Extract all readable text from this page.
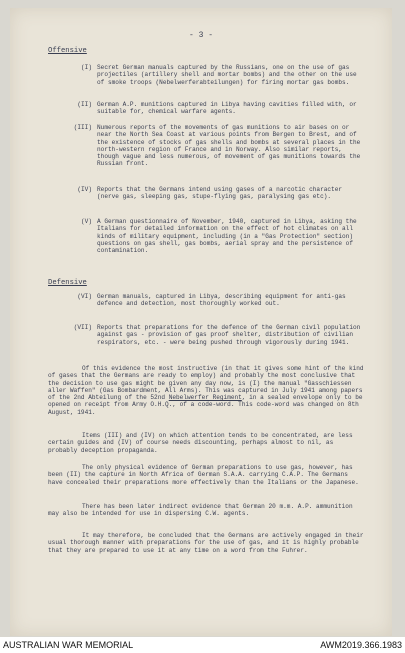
- 3 -
Offensive
(I) Secret German manuals captured by the Russians, one on the use of gas projectiles (artillery shell and mortar bombs) and the other on the use of smoke troops (Nebelwerferabteilungen) for firing mortar gas bombs.
(II) German A.P. munitions captured in Libya having cavities filled with, or suitable for, chemical warfare agents.
(III) Numerous reports of the movements of gas munitions to air bases on or near the North Sea Coast at various points from Bergen to Brest, and of the existence of stocks of gas shells and bombs at several places in the north-western region of France and in Norway. Also similar reports, though vague and less numerous, of movement of gas munitions towards the Russian front.
(IV) Reports that the Germans intend using gases of a narcotic character (nerve gas, sleeping gas, stupe-flying gas, paralysing gas etc).
(V) A German questionnaire of November, 1940, captured in Libya, asking the Italians for detailed information on the effect of hot climates on all kinds of military equipment, including (in a "Gas Protection" section) questions on gas shell, gas bombs, aerial spray and the persistence of contamination.
Defensive
(VI) German manuals, captured in Libya, describing equipment for anti-gas defence and detection, most thoroughly worked out.
(VII) Reports that preparations for the defence of the German civil population against gas - provision of gas proof shelter, distribution of civilian respirators, etc. - were being pushed through vigorously during 1941.
Of this evidence the most instructive (in that it gives some hint of the kind of gases that the Germans are ready to employ) and probably the most conclusive that the decision to use gas might be given any day now, is (I) the manual "Gasschiessen aller Waffen" (Gas Bombardment, All Arms). This was captured in July 1941 among papers of the 2nd Abteilung of the 52nd Nebelwerfer Regiment, in a sealed envelope only to be opened on receipt from Army O.H.Q., of a code-word. This code-word was changed on 8th August, 1941.
Items (III) and (IV) on which attention tends to be concentrated, are less certain guides and (IV) of course needs discounting, perhaps almost to nil, as probably deception propaganda.
The only physical evidence of German preparations to use gas, however, has been (II) the capture in North Africa of German S.A.A. carrying C.A.P. The Germans have concealed their preparations more effectively than the Italians or the Japanese.
There has been later indirect evidence that German 20 m.m. A.P. ammunition may also be intended for use in dispersing C.W. agents.
It may therefore, be concluded that the Germans are actively engaged in their usual thorough manner with preparations for the use of gas, and it is highly probable that they are prepared to use it at any time on a word from the Fuhrer.
AUSTRALIAN WAR MEMORIAL	AWM2019.366.1983
